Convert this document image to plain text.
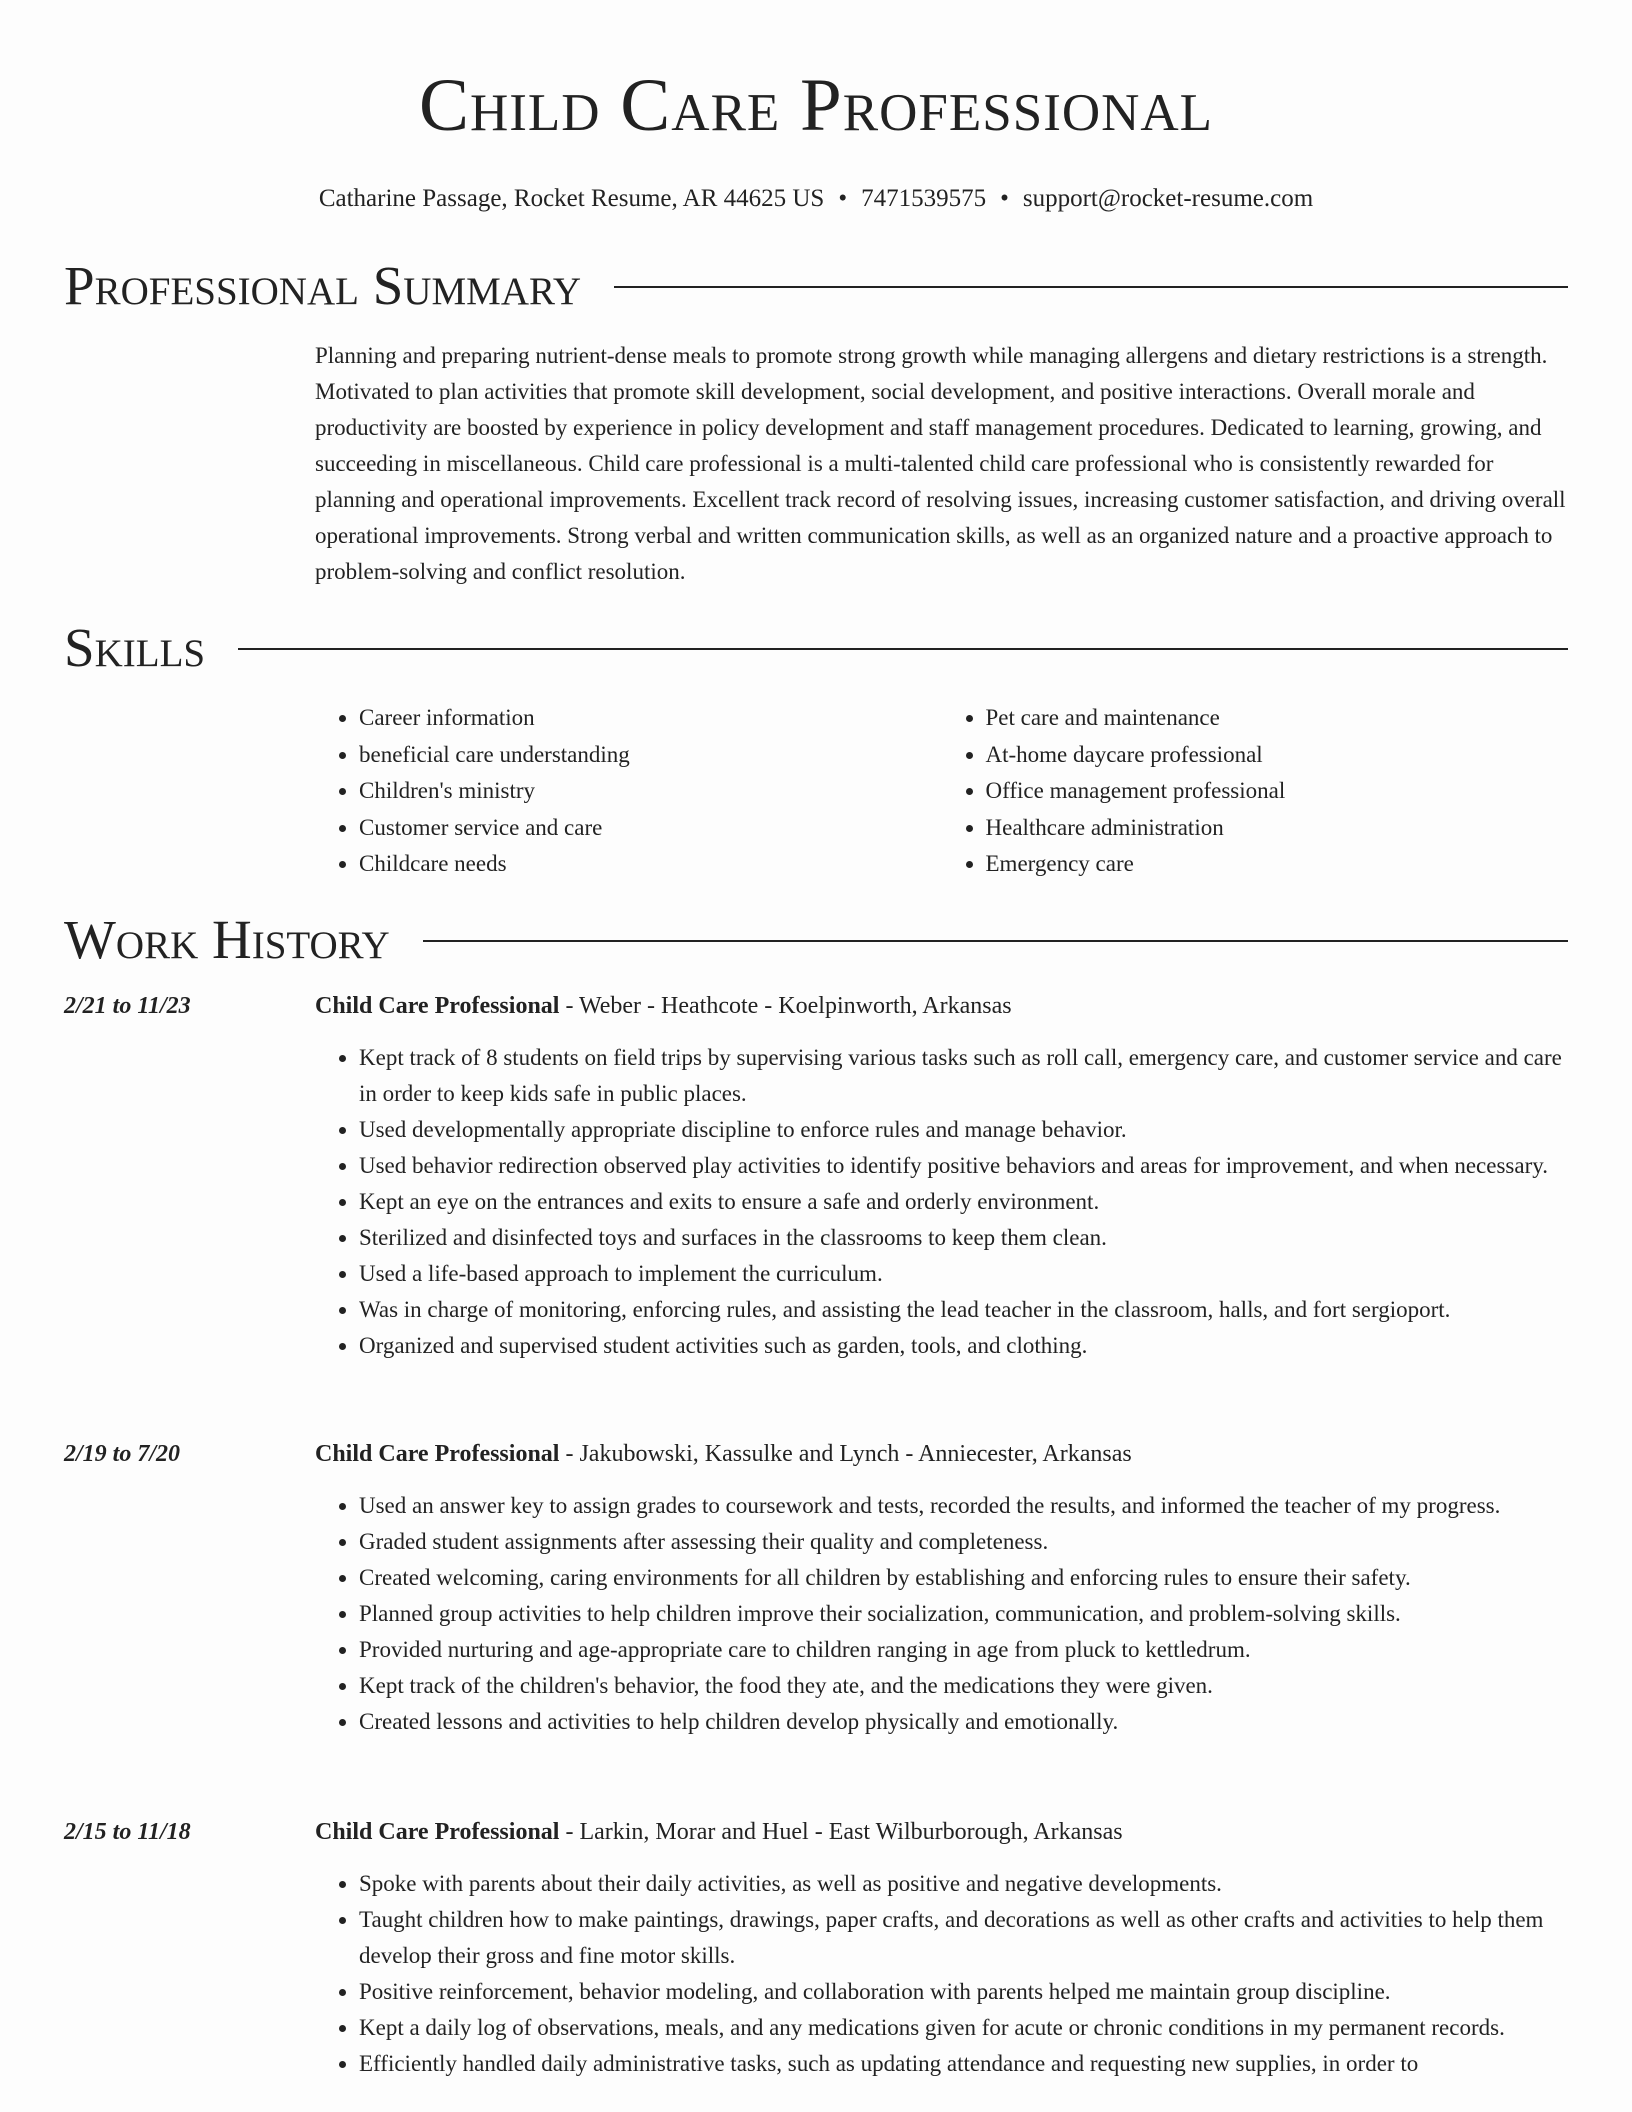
Child Care Professional
Catharine Passage, Rocket Resume, AR 44625 US • 7471539575 • support@rocket-resume.com
Professional Summary
Planning and preparing nutrient-dense meals to promote strong growth while managing allergens and dietary restrictions is a strength. Motivated to plan activities that promote skill development, social development, and positive interactions. Overall morale and productivity are boosted by experience in policy development and staff management procedures. Dedicated to learning, growing, and succeeding in miscellaneous. Child care professional is a multi-talented child care professional who is consistently rewarded for planning and operational improvements. Excellent track record of resolving issues, increasing customer satisfaction, and driving overall operational improvements. Strong verbal and written communication skills, as well as an organized nature and a proactive approach to problem-solving and conflict resolution.
Skills
• Career information
• beneficial care understanding
• Children's ministry
• Customer service and care
• Childcare needs
• Pet care and maintenance
• At-home daycare professional
• Office management professional
• Healthcare administration
• Emergency care
Work History
2/21 to 11/23	Child Care Professional - Weber - Heathcote - Koelpinworth, Arkansas
• Kept track of 8 students on field trips by supervising various tasks such as roll call, emergency care, and customer service and care in order to keep kids safe in public places.
• Used developmentally appropriate discipline to enforce rules and manage behavior.
• Used behavior redirection observed play activities to identify positive behaviors and areas for improvement, and when necessary.
• Kept an eye on the entrances and exits to ensure a safe and orderly environment.
• Sterilized and disinfected toys and surfaces in the classrooms to keep them clean.
• Used a life-based approach to implement the curriculum.
• Was in charge of monitoring, enforcing rules, and assisting the lead teacher in the classroom, halls, and fort sergioport.
• Organized and supervised student activities such as garden, tools, and clothing.
2/19 to 7/20	Child Care Professional - Jakubowski, Kassulke and Lynch - Anniecester, Arkansas
• Used an answer key to assign grades to coursework and tests, recorded the results, and informed the teacher of my progress.
• Graded student assignments after assessing their quality and completeness.
• Created welcoming, caring environments for all children by establishing and enforcing rules to ensure their safety.
• Planned group activities to help children improve their socialization, communication, and problem-solving skills.
• Provided nurturing and age-appropriate care to children ranging in age from pluck to kettledrum.
• Kept track of the children's behavior, the food they ate, and the medications they were given.
• Created lessons and activities to help children develop physically and emotionally.
2/15 to 11/18	Child Care Professional - Larkin, Morar and Huel - East Wilburborough, Arkansas
• Spoke with parents about their daily activities, as well as positive and negative developments.
• Taught children how to make paintings, drawings, paper crafts, and decorations as well as other crafts and activities to help them develop their gross and fine motor skills.
• Positive reinforcement, behavior modeling, and collaboration with parents helped me maintain group discipline.
• Kept a daily log of observations, meals, and any medications given for acute or chronic conditions in my permanent records.
• Efficiently handled daily administrative tasks, such as updating attendance and requesting new supplies, in order to
